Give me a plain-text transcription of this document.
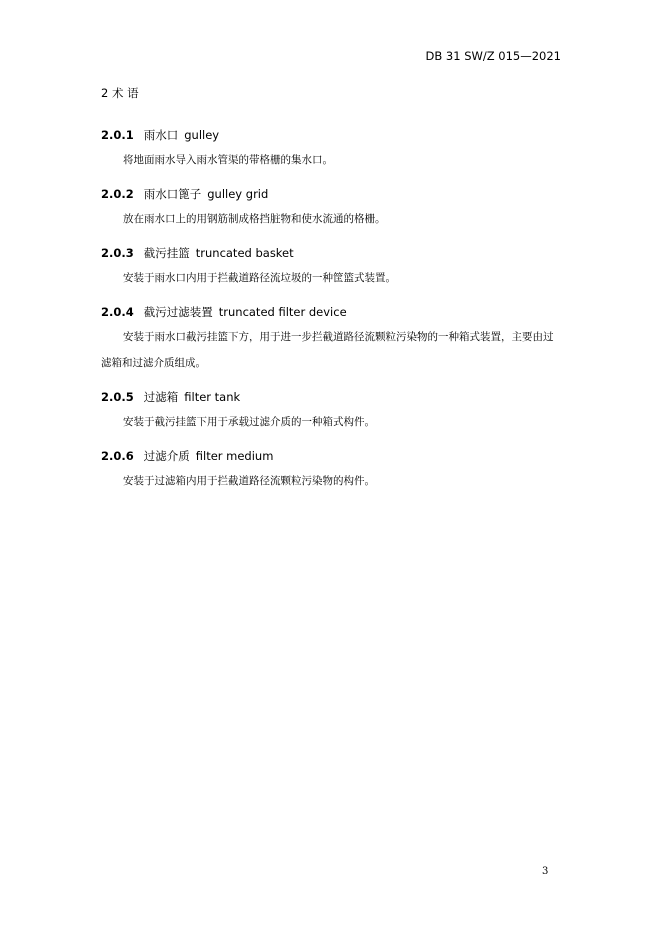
DB 31 SW/Z 015—2021
2 术 语
2.0.1 雨水口 gulley

将地面雨水导入雨水管渠的带格栅的集水口。

2.0.2 雨水口篦子 gulley grid

放在雨水口上的用钢筋制成格挡脏物和使水流通的格栅。

2.0.3 截污挂篮 truncated basket

安装于雨水口内用于拦截道路径流垃圾的一种筐篮式装置。

2.0.4 截污过滤装置 truncated filter device

安装于雨水口截污挂篮下方，用于进一步拦截道路径流颗粒污染物的一种箱式装置，主要由过滤箱和过滤介质组成。

2.0.5 过滤箱 filter tank

安装于截污挂篮下用于承载过滤介质的一种箱式构件。

2.0.6 过滤介质 filter medium

安装于过滤箱内用于拦截道路径流颗粒污染物的构件。

3
